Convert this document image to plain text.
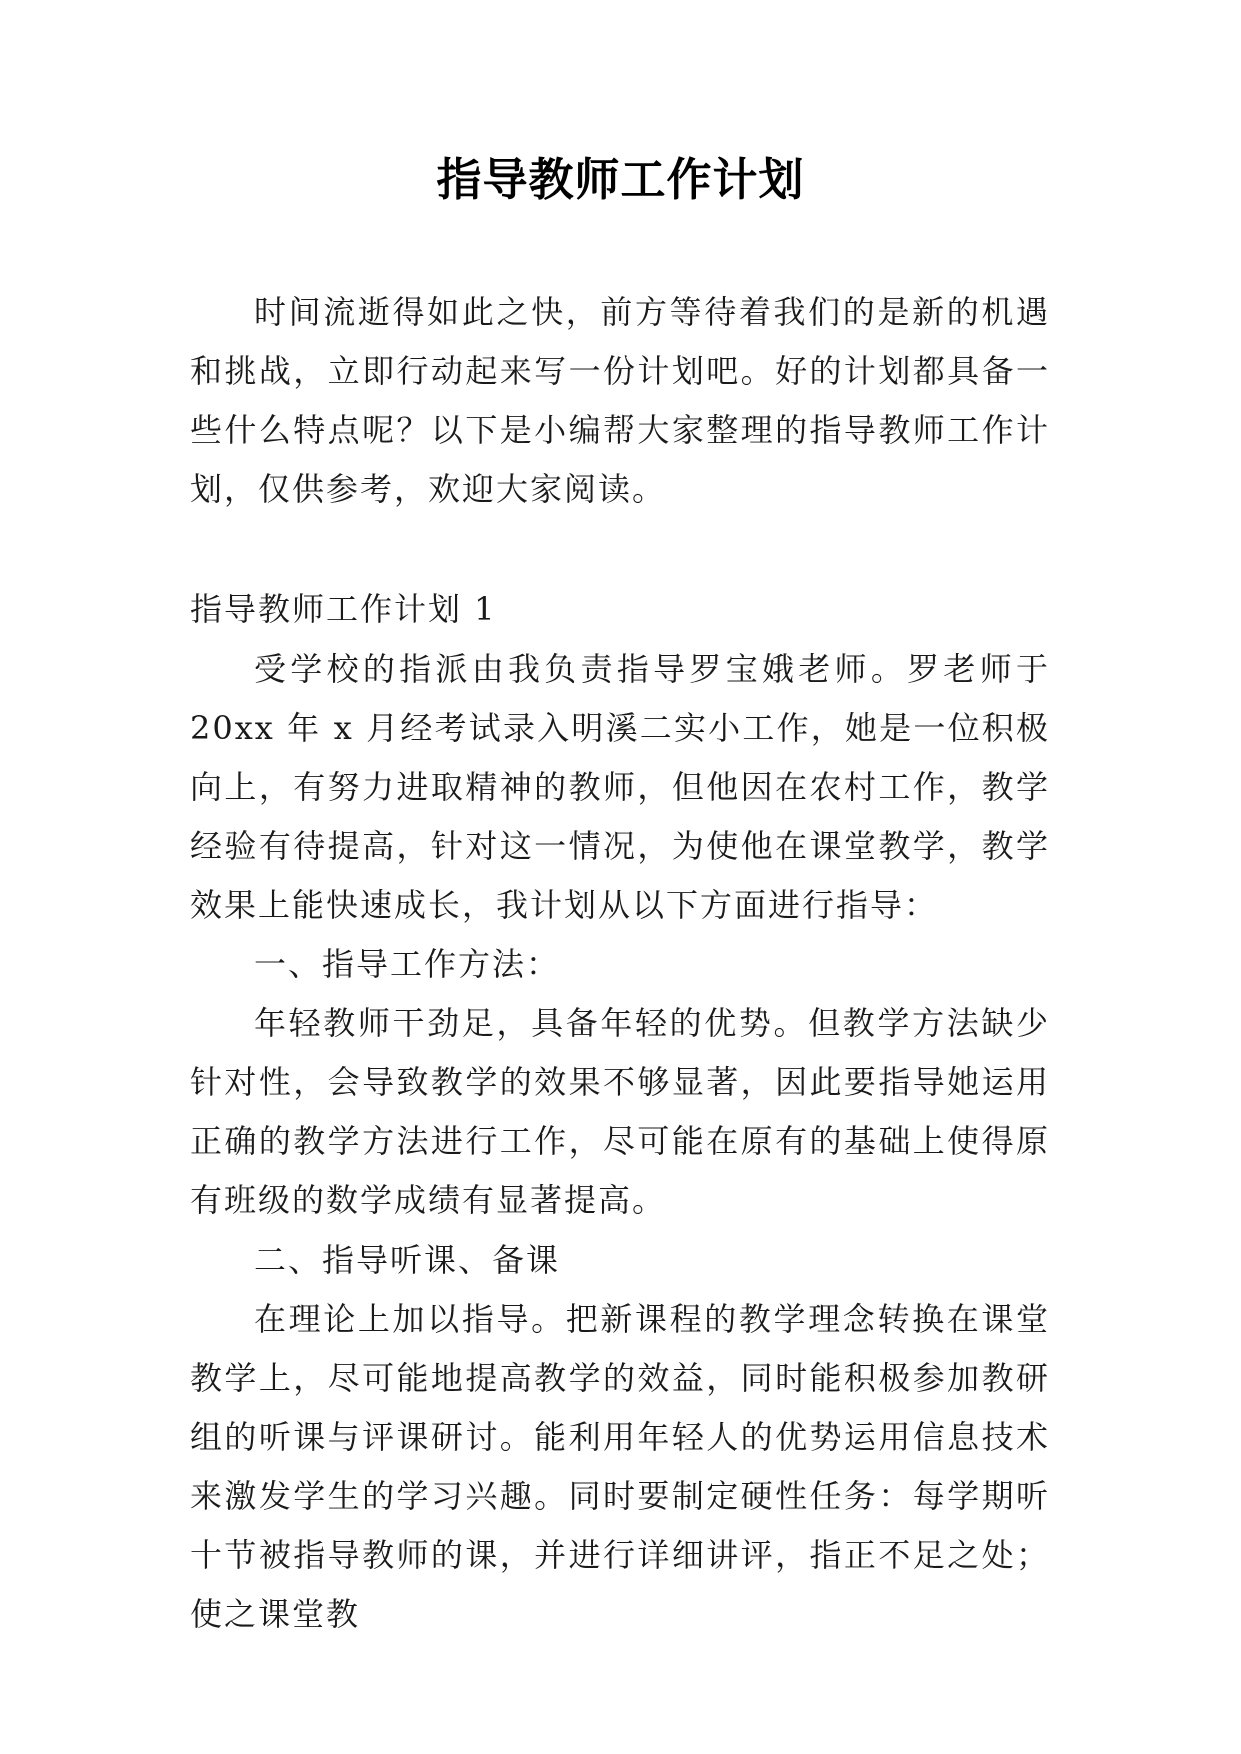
指导教师工作计划

时间流逝得如此之快，前方等待着我们的是新的机遇和挑战，立即行动起来写一份计划吧。好的计划都具备一些什么特点呢？以下是小编帮大家整理的指导教师工作计划，仅供参考，欢迎大家阅读。

指导教师工作计划 1

受学校的指派由我负责指导罗宝娥老师。罗老师于 20xx 年 x 月经考试录入明溪二实小工作，她是一位积极向上，有努力进取精神的教师，但他因在农村工作，教学经验有待提高，针对这一情况，为使他在课堂教学，教学效果上能快速成长，我计划从以下方面进行指导：

一、指导工作方法：

年轻教师干劲足，具备年轻的优势。但教学方法缺少针对性，会导致教学的效果不够显著，因此要指导她运用正确的教学方法进行工作，尽可能在原有的基础上使得原有班级的数学成绩有显著提高。

二、指导听课、备课

在理论上加以指导。把新课程的教学理念转换在课堂教学上，尽可能地提高教学的效益，同时能积极参加教研组的听课与评课研讨。能利用年轻人的优势运用信息技术来激发学生的学习兴趣。同时要制定硬性任务：每学期听十节被指导教师的课，并进行详细讲评，指正不足之处；使之课堂教
